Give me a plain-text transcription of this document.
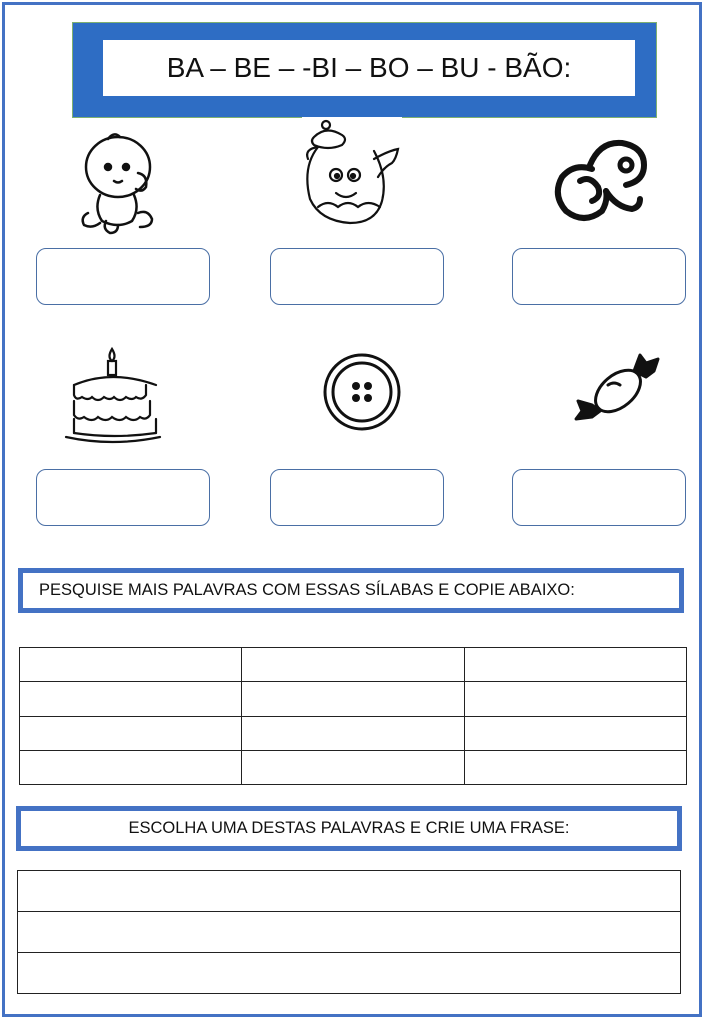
BA – BE – -BI – BO – BU - BÃO:
PESQUISE MAIS PALAVRAS COM ESSAS SÍLABAS E COPIE ABAIXO:

ESCOLHA UMA DESTAS PALAVRAS E CRIE UMA FRASE:
